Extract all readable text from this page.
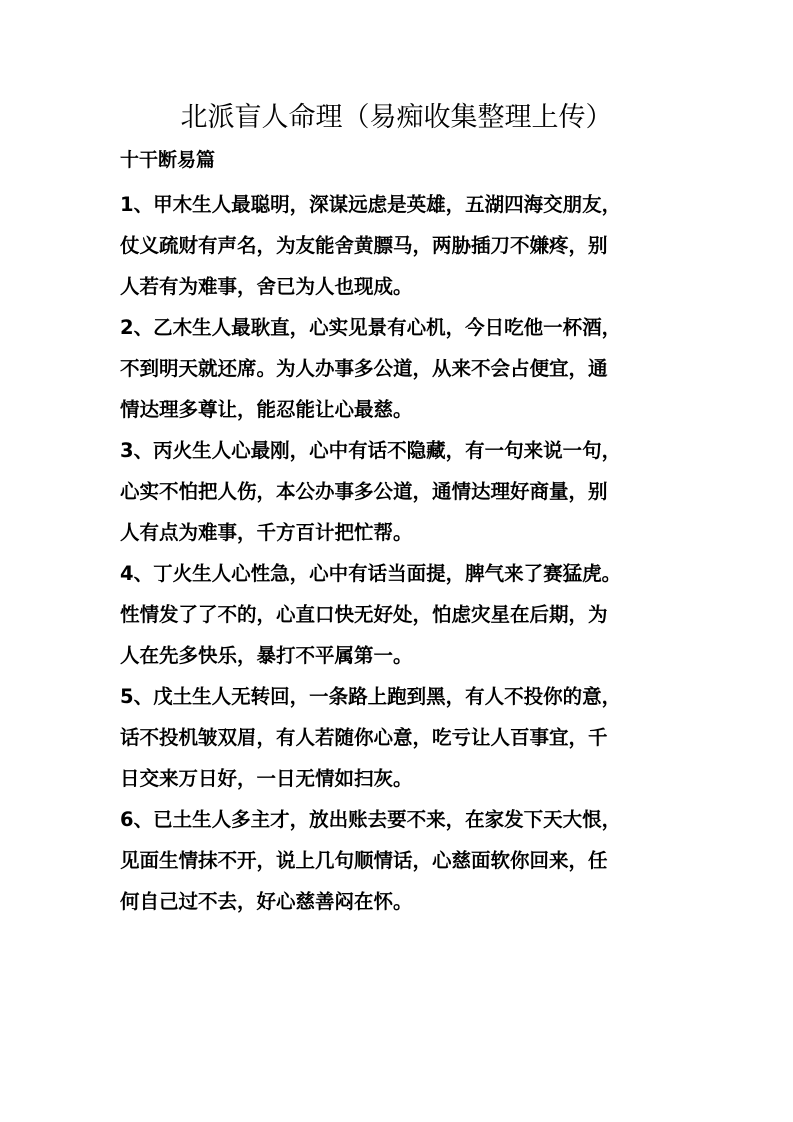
北派盲人命理（易痴收集整理上传）
十干断易篇
1、甲木生人最聪明，深谋远虑是英雄，五湖四海交朋友，
仗义疏财有声名，为友能舍黄膘马，两胁插刀不嫌疼，别
人若有为难事，舍已为人也现成。
2、乙木生人最耿直，心实见景有心机，今日吃他一杯酒，
不到明天就还席。为人办事多公道，从来不会占便宜，通
情达理多尊让，能忍能让心最慈。
3、丙火生人心最刚，心中有话不隐藏，有一句来说一句，
心实不怕把人伤，本公办事多公道，通情达理好商量，别
人有点为难事，千方百计把忙帮。
4、丁火生人心性急，心中有话当面提，脾气来了赛猛虎。
性情发了了不的，心直口快无好处，怕虑灾星在后期，为
人在先多快乐，暴打不平属第一。
5、戊土生人无转回，一条路上跑到黑，有人不投你的意，
话不投机皱双眉，有人若随你心意，吃亏让人百事宜，千
日交来万日好，一日无情如扫灰。
6、已土生人多主才，放出账去要不来，在家发下天大恨，
见面生情抹不开，说上几句顺情话，心慈面软你回来，任
何自己过不去，好心慈善闷在怀。
